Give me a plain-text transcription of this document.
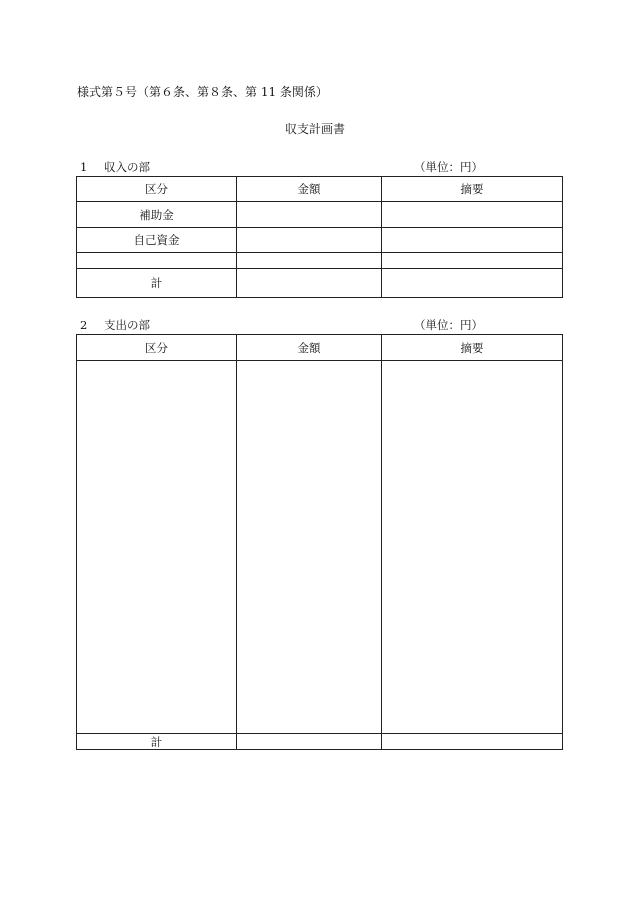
様式第５号（第６条、第８条、第 11 条関係）
収支計画書
1 収入の部	（単位：円）
区分	金額	摘要
補助金		
自己資金		

計		
2 支出の部	（単位：円）
区分	金額	摘要

計		
